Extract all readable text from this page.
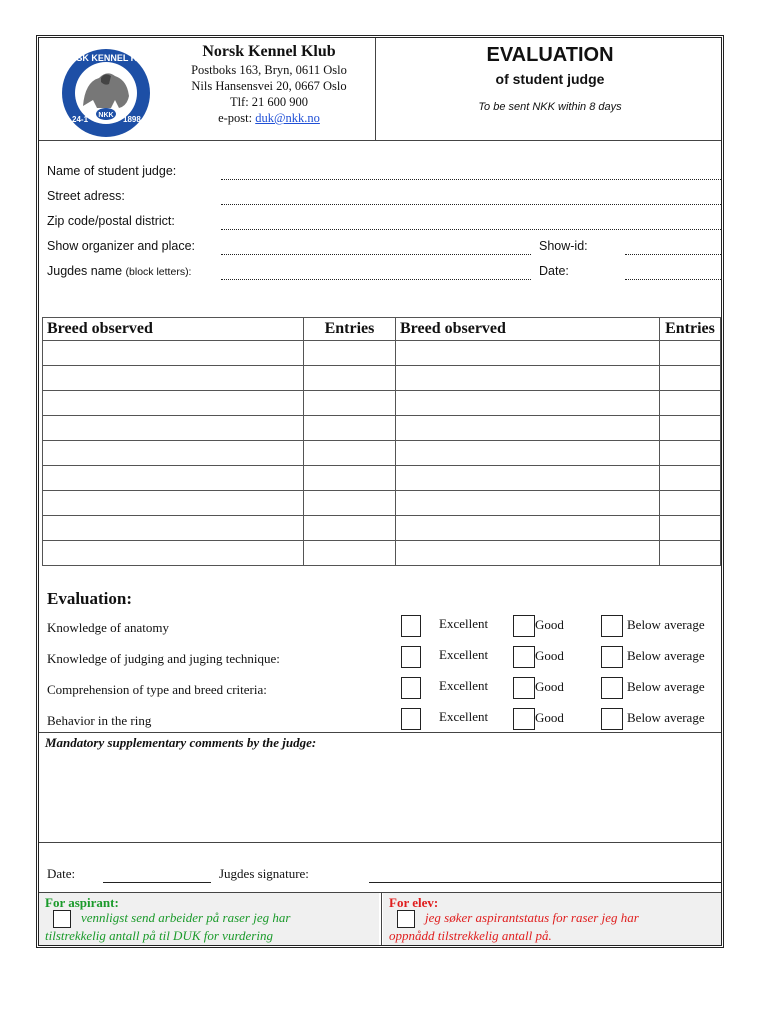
NKK
NORSK KENNEL KLUB
24-1	1898
Norsk Kennel Klub
Postboks 163, Bryn, 0611 Oslo
Nils Hansensvei 20, 0667 Oslo
Tlf: 21 600 900
e-post: duk@nkk.no
EVALUATION
of student judge
To be sent NKK within 8 days
Name of student judge:
Street adress:
Zip code/postal district:
Show organizer and place:	Show-id:
Jugdes name (block letters):	Date:
Breed observed	Entries	Breed observed	Entries

Evaluation:
Mandatory supplementary comments by the judge:
Date:	Jugdes signature:
For aspirant:
vennligst send arbeider på raser jeg har
tilstrekkelig antall på til DUK for vurdering
For elev:
jeg søker aspirantstatus for raser jeg har
oppnådd tilstrekkelig antall på.
Knowledge of anatomy	Excellent	Good	Below average
Knowledge of judging and juging technique:	Excellent	Good	Below average
Comprehension of type and breed criteria:	Excellent	Good	Below average
Behavior in the ring	Excellent	Good	Below average
